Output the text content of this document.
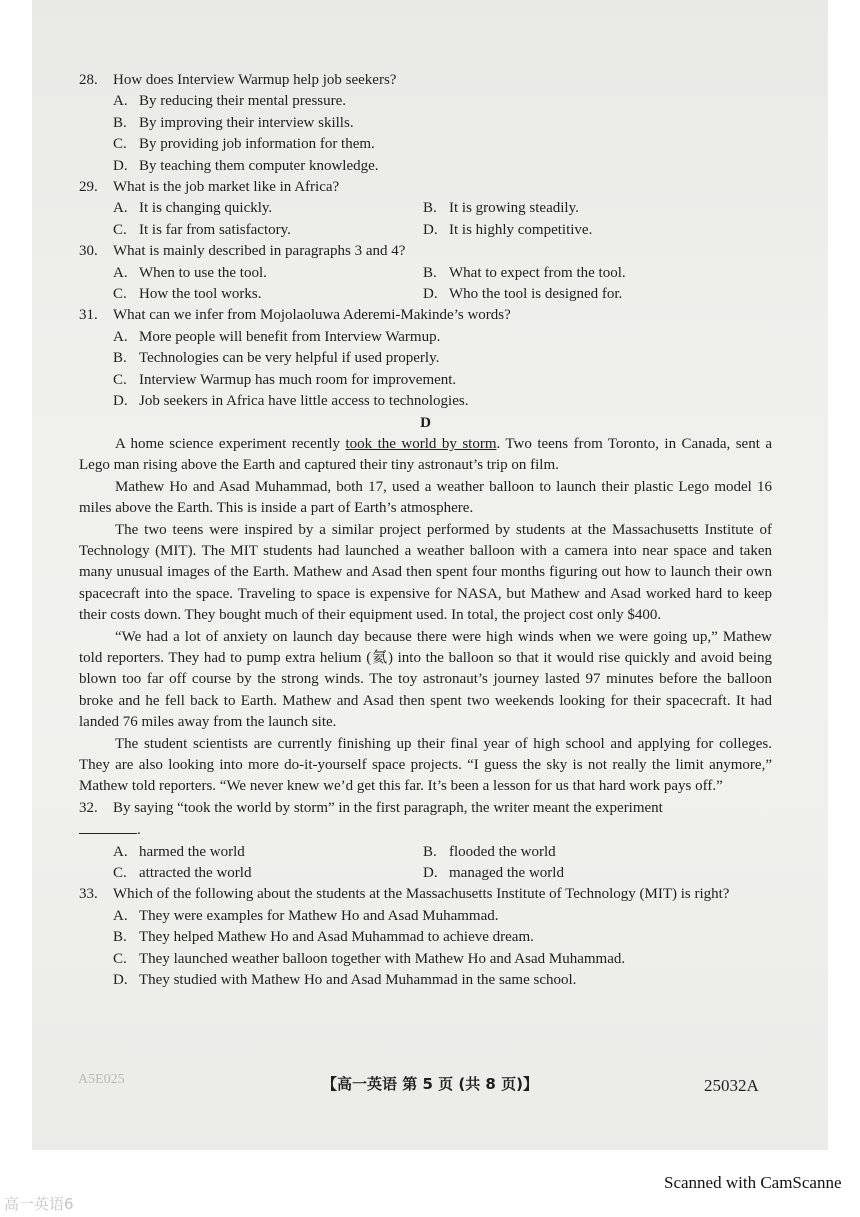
28. How does Interview Warmup help job seekers?

A. By reducing their mental pressure.

B. By improving their interview skills.

C. By providing job information for them.

D. By teaching them computer knowledge.

29. What is the job market like in Africa?

A. It is changing quickly.	B. It is growing steadily.
C. It is far from satisfactory.	D. It is highly competitive.

30. What is mainly described in paragraphs 3 and 4?

A. When to use the tool.	B. What to expect from the tool.
C. How the tool works.	D. Who the tool is designed for.

31. What can we infer from Mojolaoluwa Aderemi-Makinde’s words?

A. More people will benefit from Interview Warmup.

B. Technologies can be very helpful if used properly.

C. Interview Warmup has much room for improvement.

D. Job seekers in Africa have little access to technologies.

D

A home science experiment recently took the world by storm. Two teens from Toronto, in Canada, sent a Lego man rising above the Earth and captured their tiny astronaut’s trip on film.

Mathew Ho and Asad Muhammad, both 17, used a weather balloon to launch their plastic Lego model 16 miles above the Earth. This is inside a part of Earth’s atmosphere.

The two teens were inspired by a similar project performed by students at the Massachusetts Institute of Technology (MIT). The MIT students had launched a weather balloon with a camera into near space and taken many unusual images of the Earth. Mathew and Asad then spent four months figuring out how to launch their own spacecraft into the space. Traveling to space is expensive for NASA, but Mathew and Asad worked hard to keep their costs down. They bought much of their equipment used. In total, the project cost only $400.

“We had a lot of anxiety on launch day because there were high winds when we were going up,” Mathew told reporters. They had to pump extra helium (氦) into the balloon so that it would rise quickly and avoid being blown too far off course by the strong winds. The toy astronaut’s journey lasted 97 minutes before the balloon broke and he fell back to Earth. Mathew and Asad then spent two weekends looking for their spacecraft. It had landed 76 miles away from the launch site.

The student scientists are currently finishing up their final year of high school and applying for colleges. They are also looking into more do-it-yourself space projects. “I guess the sky is not really the limit anymore,” Mathew told reporters. “We never knew we’d get this far. It’s been a lesson for us that hard work pays off.”

32. By saying “took the world by storm” in the first paragraph, the writer meant the experiment
.

A. harmed the world	B. flooded the world
C. attracted the world	D. managed the world

33. Which of the following about the students at the Massachusetts Institute of Technology (MIT) is right?

A. They were examples for Mathew Ho and Asad Muhammad.

B. They helped Mathew Ho and Asad Muhammad to achieve dream.

C. They launched weather balloon together with Mathew Ho and Asad Muhammad.

D. They studied with Mathew Ho and Asad Muhammad in the same school.

A5E025	【高一英语 第 5 页 (共 8 页)】	25032A
Scanned with CamScanne
高一英语6
